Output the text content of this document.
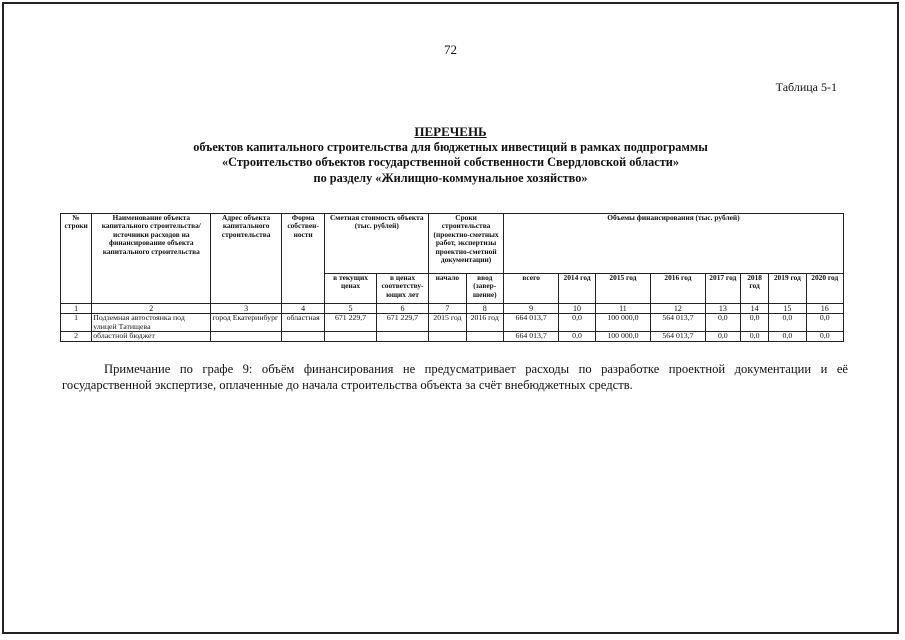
72
Таблица 5-1
ПЕРЕЧЕНЬ
объектов капитального строительства для бюджетных инвестиций в рамках подпрограммы
«Строительство объектов государственной собственности Свердловской области»
по разделу «Жилищно-коммунальное хозяйство»
№ строки	Наименование объекта капитального строительства/ источники расходов на финансирование объекта капитального строительства	Адрес объекта капитального строительства	Форма собствен-ности	Сметная стоимость объекта (тыс. рублей)		Сроки строительства (проектно-сметных работ, экспертизы проектно-сметной документации)		Объемы финансирования (тыс. рублей)							
				в текущих ценах	в ценах соответству-ющих лет	начало	ввод (завер-шение)	всего	2014 год	2015 год	2016 год	2017 год	2018 год	2019 год	2020 год
1	2	3	4	5	6	7	8	9	10	11	12	13	14	15	16
1	Подземная автостоянка под улицей Татищева	город Екатеринбург	областная	671 229,7	671 229,7	2015 год	2016 год	664 013,7	0,0	100 000,0	564 013,7	0,0	0,0	0,0	0,0
2	областной бюджет							664 013,7	0,0	100 000,0	564 013,7	0,0	0,0	0,0	0,0
Примечание по графе 9: объём финансирования не предусматривает расходы по разработке проектной документации и её государственной экспертизе, оплаченные до начала строительства объекта за счёт внебюджетных средств.
